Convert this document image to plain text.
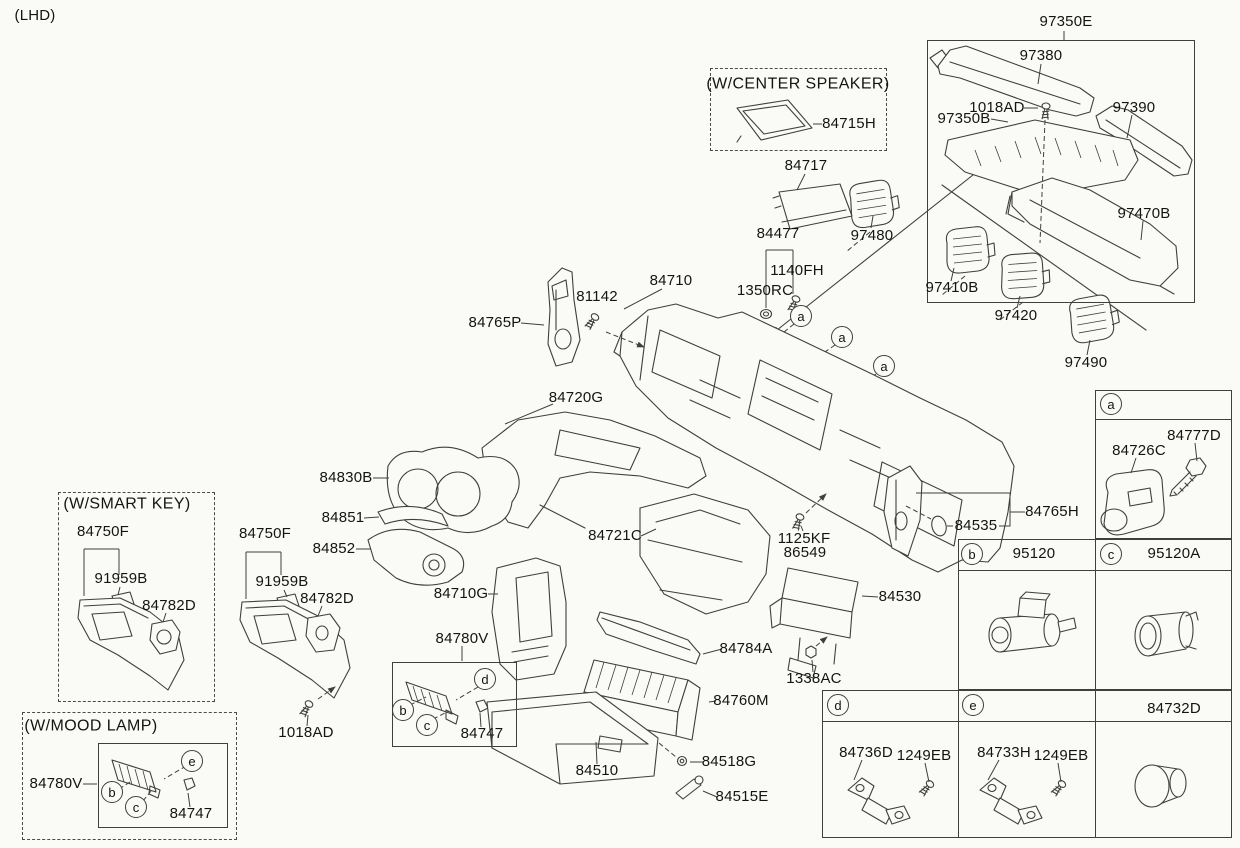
a
a
a
a
b	c
d	e
d
b
c
e
b
c
(LHD)
(W/CENTER SPEAKER)
(W/SMART KEY)
(W/MOOD LAMP)
97350E
97380
97390
1018AD
97350B
97470B
97480
97410B
97420
97490
84715H
84717
84477
1140FH
1350RC
84710
81142
84765P
84720G
84830B
84851
84852
84750F
91959B
84782D
84750F
91959B
84782D
1018AD
84780V
84747
84710G
84780V
84747
84721C	1125KF
86549
84765H
84535
84530
1338AC
84784A
84760M
84518G
84510
84515E
84726C
84777D
95120	95120A
84736D 1249EB 84733H 1249EB
84732D
